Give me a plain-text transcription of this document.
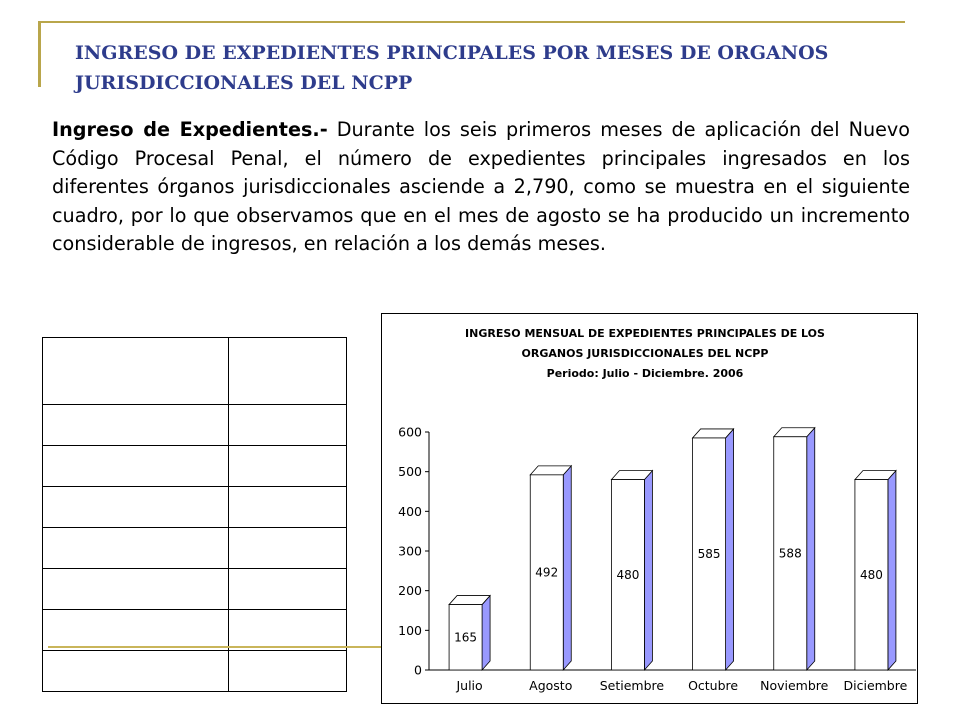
INGRESO DE EXPEDIENTES PRINCIPALES POR MESES DE ORGANOS JURISDICCIONALES DEL NCPP

Ingreso de Expedientes.- Durante los seis primeros meses de aplicación del Nuevo Código Procesal Penal, el número de expedientes principales ingresados en los diferentes órganos jurisdiccionales asciende a 2,790, como se muestra en el siguiente cuadro, por lo que observamos que en el mes de agosto se ha producido un incremento considerable de ingresos, en relación a los demás meses.

INGRESO MENSUAL DE EXPEDIENTES PRINCIPALES DE LOS
ORGANOS JURISDICCIONALES DEL NCPP
Periodo: Julio - Diciembre. 2006
0
100
200
300
400
500
600
165
Julio
492
Agosto
480
Setiembre
585
Octubre
588
Noviembre
480
Diciembre
